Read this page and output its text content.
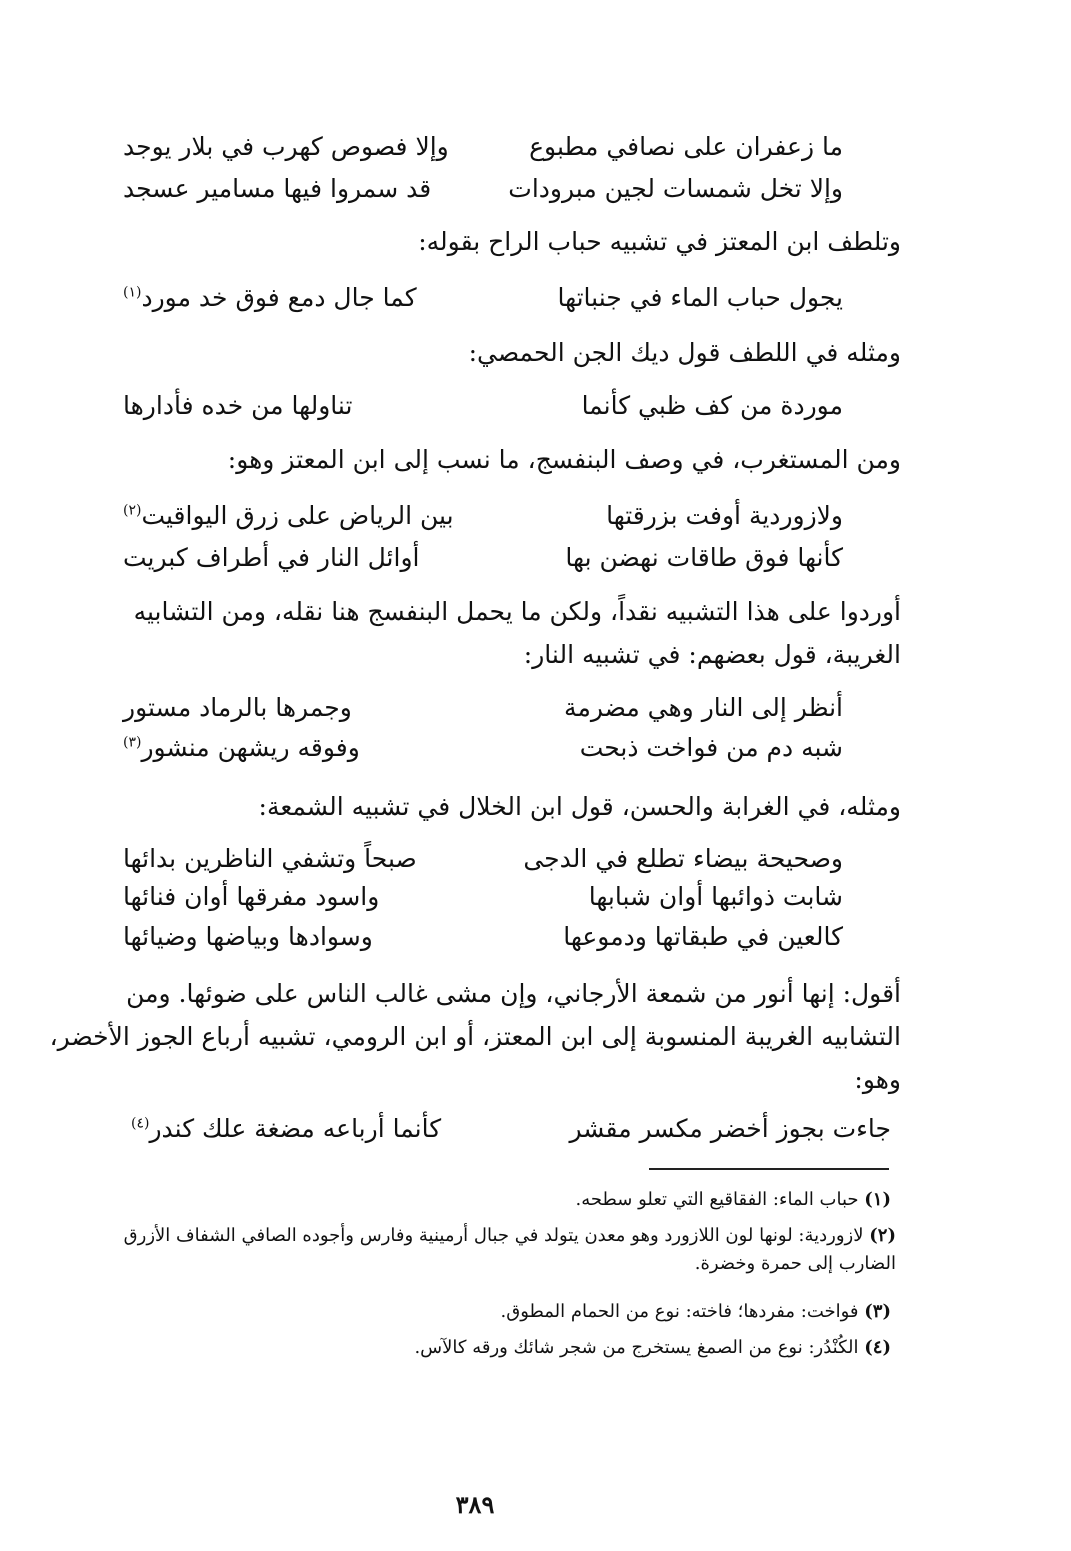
ما زعفران على نصافي مطبوع
وإلا فصوص كهرب في بلار يوجد
وإلا تخل شمسات لجين مبرودات
قد سمروا فيها مسامير عسجد
وتلطف ابن المعتز في تشبيه حباب الراح بقوله:
يجول حباب الماء في جنباتها
كما جال دمع فوق خد مورد$^{(١)}$
ومثله في اللطف قول ديك الجن الحمصي:
موردة من كف ظبي كأنما
تناولها من خده فأدارها
ومن المستغرب، في وصف البنفسج، ما نسب إلى ابن المعتز وهو:
ولازوردية أوفت بزرقتها
بين الرياض على زرق اليواقيت$^{(٢)}$
كأنها فوق طاقات نهضن بها
أوائل النار في أطراف كبريت
أوردوا على هذا التشبيه نقداً، ولكن ما يحمل البنفسج هنا نقله، ومن التشابيه
الغريبة، قول بعضهم: في تشبيه النار:
أنظر إلى النار وهي مضرمة
وجمرها بالرماد مستور
شبه دم من فواخت ذبحت
وفوقه ريشهن منشور$^{(٣)}$
ومثله، في الغرابة والحسن، قول ابن الخلال في تشبيه الشمعة:
وصحيحة بيضاء تطلع في الدجى
صبحاً وتشفي الناظرين بدائها
شابت ذوائبها أوان شبابها
واسود مفرقها أوان فنائها
كالعين في طبقاتها ودموعها
وسوادها وبياضها وضيائها
أقول: إنها أنور من شمعة الأرجاني، وإن مشى غالب الناس على ضوئها. ومن
التشابيه الغريبة المنسوبة إلى ابن المعتز، أو ابن الرومي، تشبيه أرباع الجوز الأخضر،
وهو:
جاءت بجوز أخضر مكسر مقشر
كأنما أرباعه مضغة علك كندر$^{(٤)}$
(١) حباب الماء: الفقاقيع التي تعلو سطحه.
(٢) لازوردية: لونها لون اللازورد وهو معدن يتولد في جبال أرمينية وفارس وأجوده الصافي الشفاف الأزرق الضارب إلى حمرة وخضرة.
(٣) فواخت: مفردها؛ فاخته: نوع من الحمام المطوق.
(٤) الكُنْدُر: نوع من الصمغ يستخرج من شجر شائك ورقه كالآس.
٣٨٩
